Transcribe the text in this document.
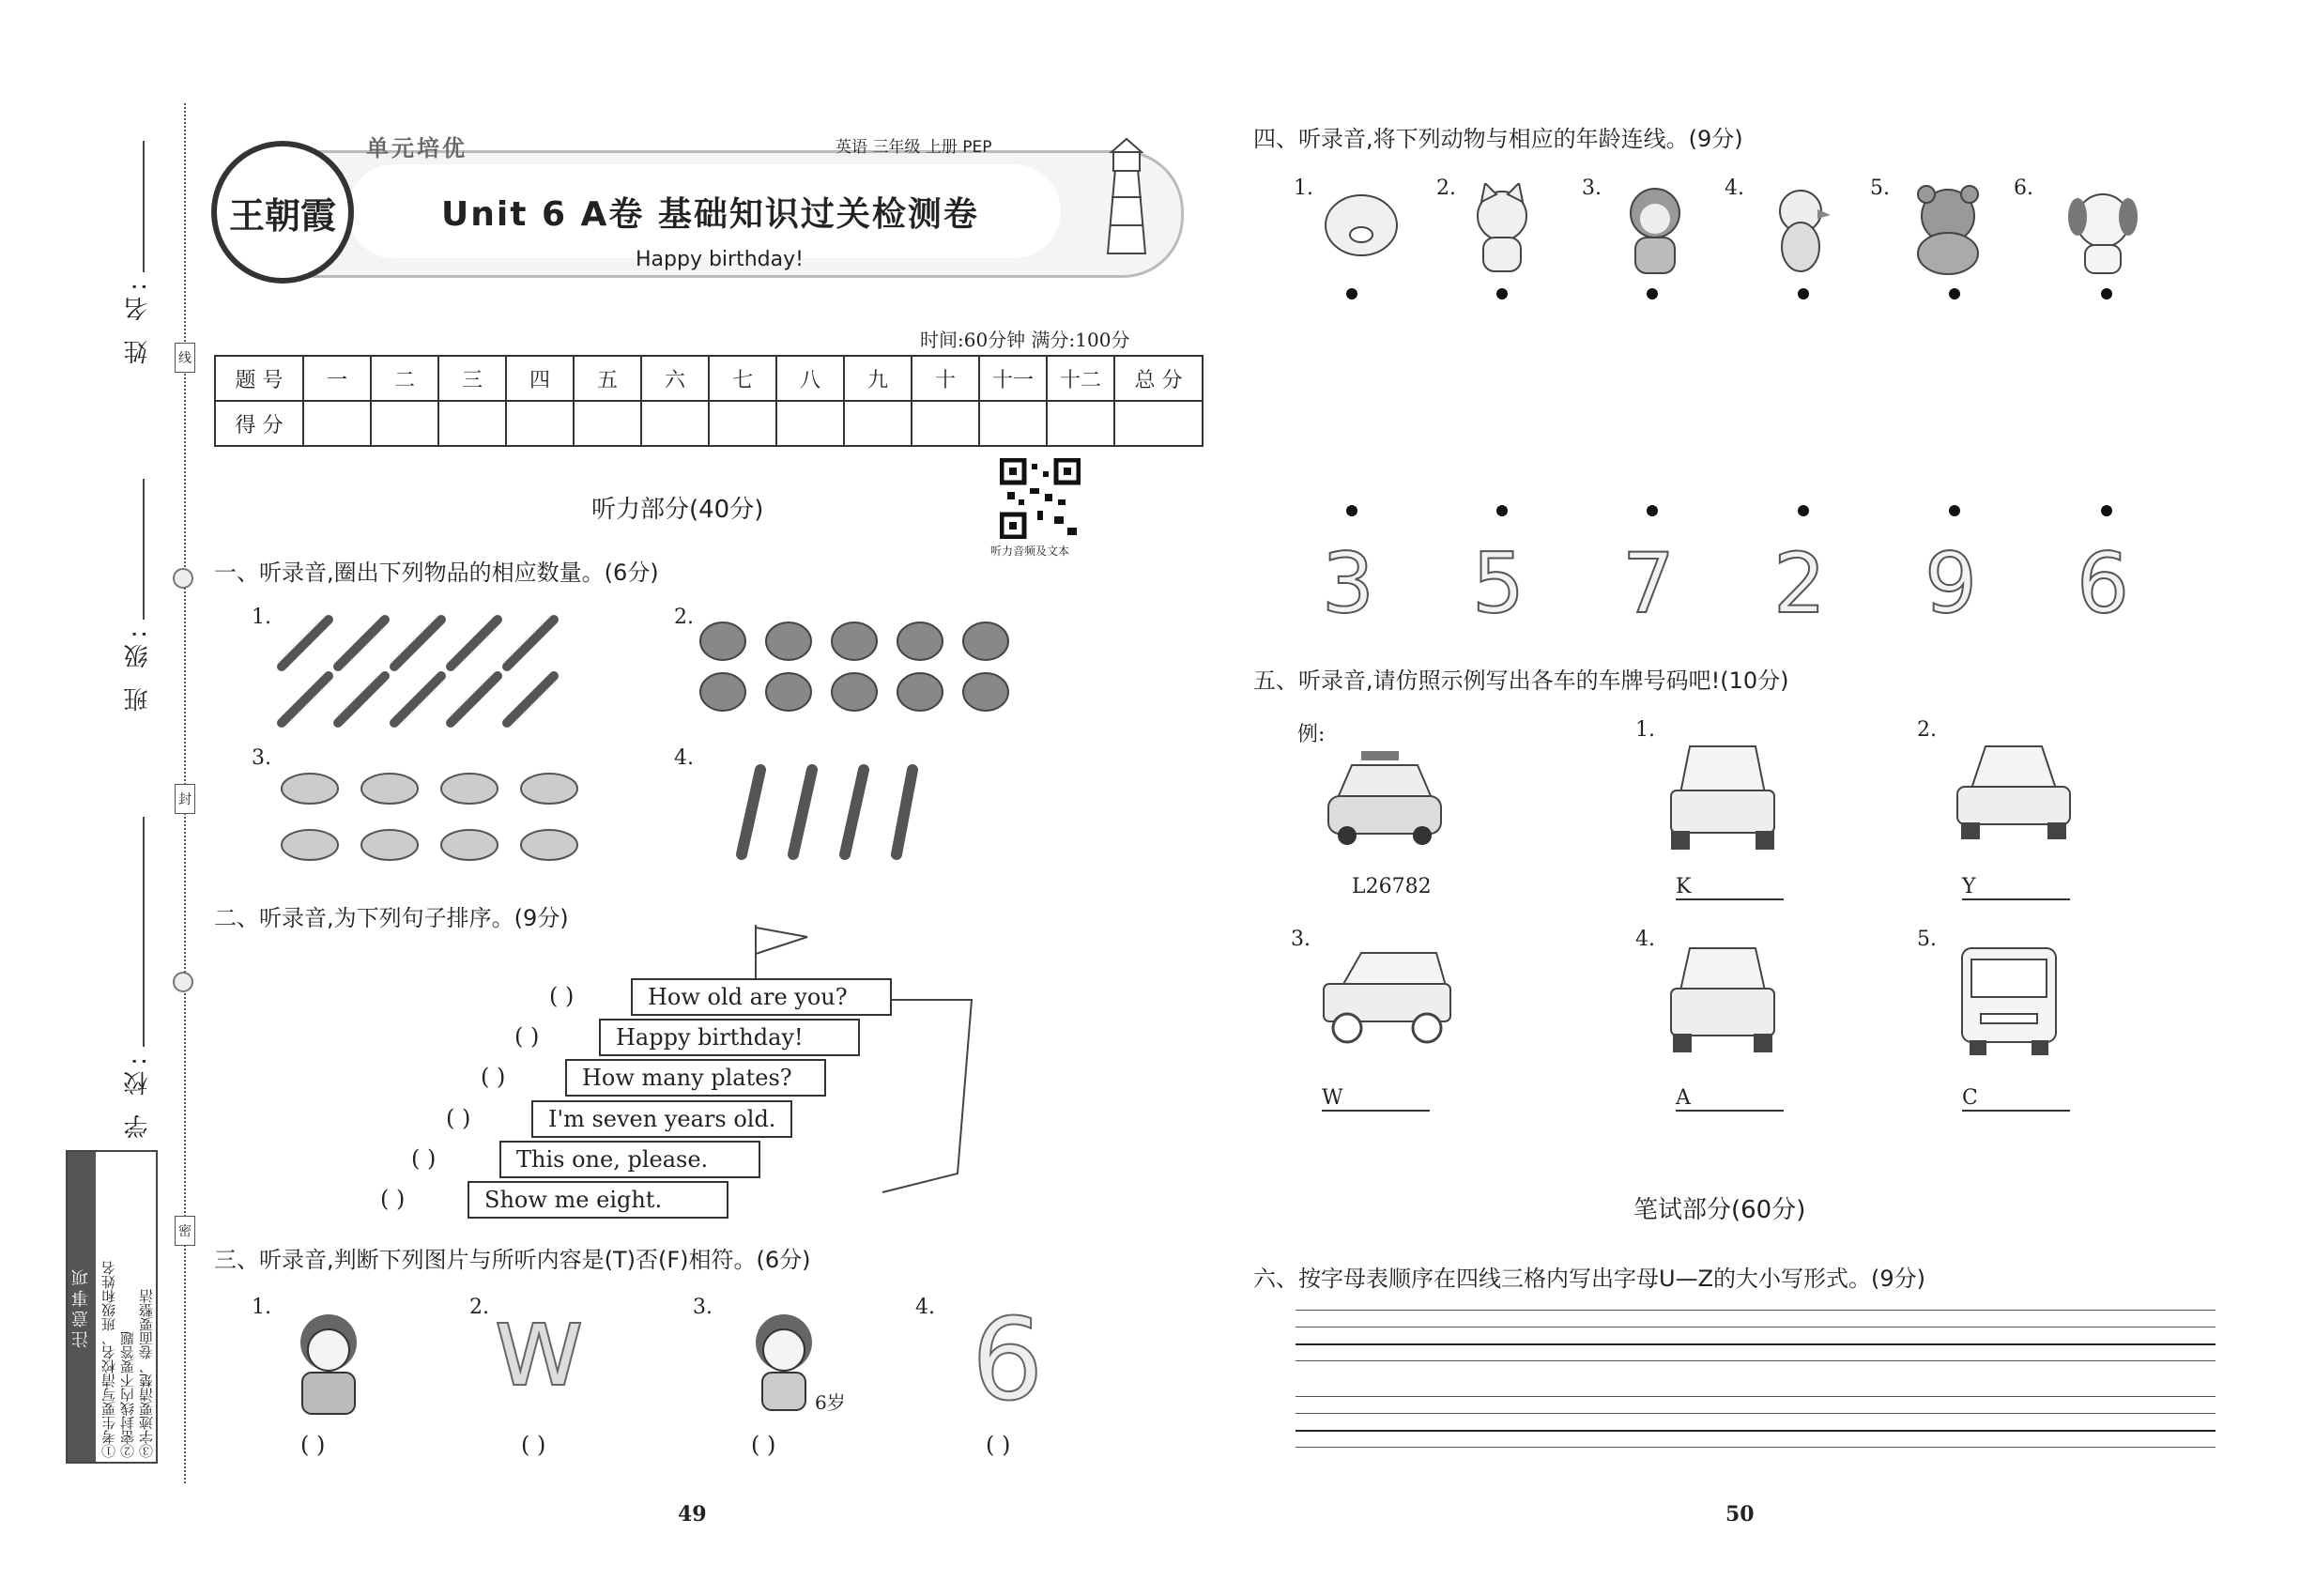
姓 名:
班 级:
学 校:
线
封
密
注意事项 ①考生要写清校名、班级和姓名 ②密封线内不要答题 ③字迹要清楚、卷面要整洁
王朝霞
单元培优	英语 三年级 上册 PEP
Unit 6 A卷 基础知识过关检测卷
Happy birthday!
时间:60分钟 满分:100分
题 号	一	二	三	四	五	六	七	八	九	十	十一	十二	总 分
得 分													
听力部分(40分)
听力音频及文本
一、听录音,圈出下列物品的相应数量。(6分)
1.	2.
3.	4.
二、听录音,为下列句子排序。(9分)
( )	How old are you?
( )	Happy birthday!
( )	How many plates?
( )	I'm seven years old.
( )	This one, please.
( )	Show me eight.
三、听录音,判断下列图片与所听内容是(T)否(F)相符。(6分)
1.
( )
2. w
( )
3.
6岁
( )
4. 6
( )
49
四、听录音,将下列动物与相应的年龄连线。(9分)
1.	2.	3.	4.	5.	6.
3 5 7 2 9 6
五、听录音,请仿照示例写出各车的车牌号码吧!(10分)
例:
L26782
1.
K
2.
Y
3.
W
4.
A
5.
C
笔试部分(60分)
六、按字母表顺序在四线三格内写出字母U—Z的大小写形式。(9分)
50
